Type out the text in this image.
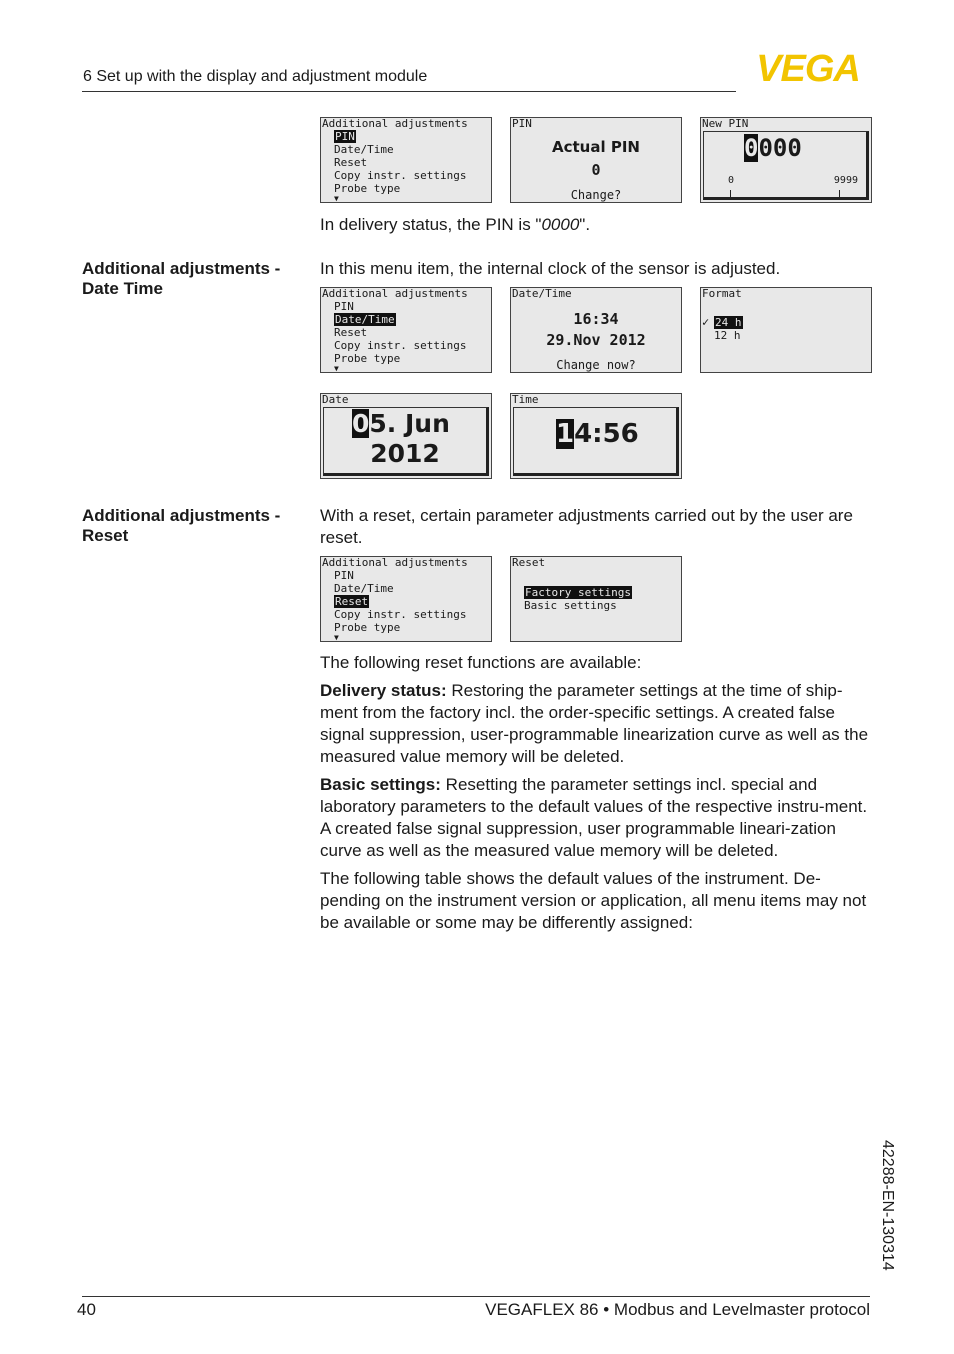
6 Set up with the display and adjustment module	VEGA
Additional adjustments
PIN
Date/Time
Reset
Copy instr. settings
Probe type
▼
PIN
Actual PIN
0
Change?
New PIN
0000
0	9999
In delivery status, the PIN is "0000".
Additional adjustments - Date Time
In this menu item, the internal clock of the sensor is adjusted.
Additional adjustments
PIN
Date/Time
Reset
Copy instr. settings
Probe type
▼
Date/Time
16:34
29.Nov 2012
Change now?
Format
✓ 24 h
12 h
Date
05. Jun
2012
Time
14:56
Additional adjustments - Reset
With a reset, certain parameter adjustments carried out by the user are reset.
Additional adjustments
PIN
Date/Time
Reset
Copy instr. settings
Probe type
▼
Reset
Factory settings
Basic settings

The following reset functions are available:

Delivery status: Restoring the parameter settings at the time of ship-ment from the factory incl. the order-specific settings. A created false signal suppression, user-programmable linearization curve as well as the measured value memory will be deleted.

Basic settings: Resetting the parameter settings incl. special and laboratory parameters to the default values of the respective instru-ment. A created false signal suppression, user programmable lineari-zation curve as well as the measured value memory will be deleted.

The following table shows the default values of the instrument. De-pending on the instrument version or application, all menu items may not be available or some may be differently assigned:

42288-EN-130314
40	VEGAFLEX 86 • Modbus and Levelmaster protocol
